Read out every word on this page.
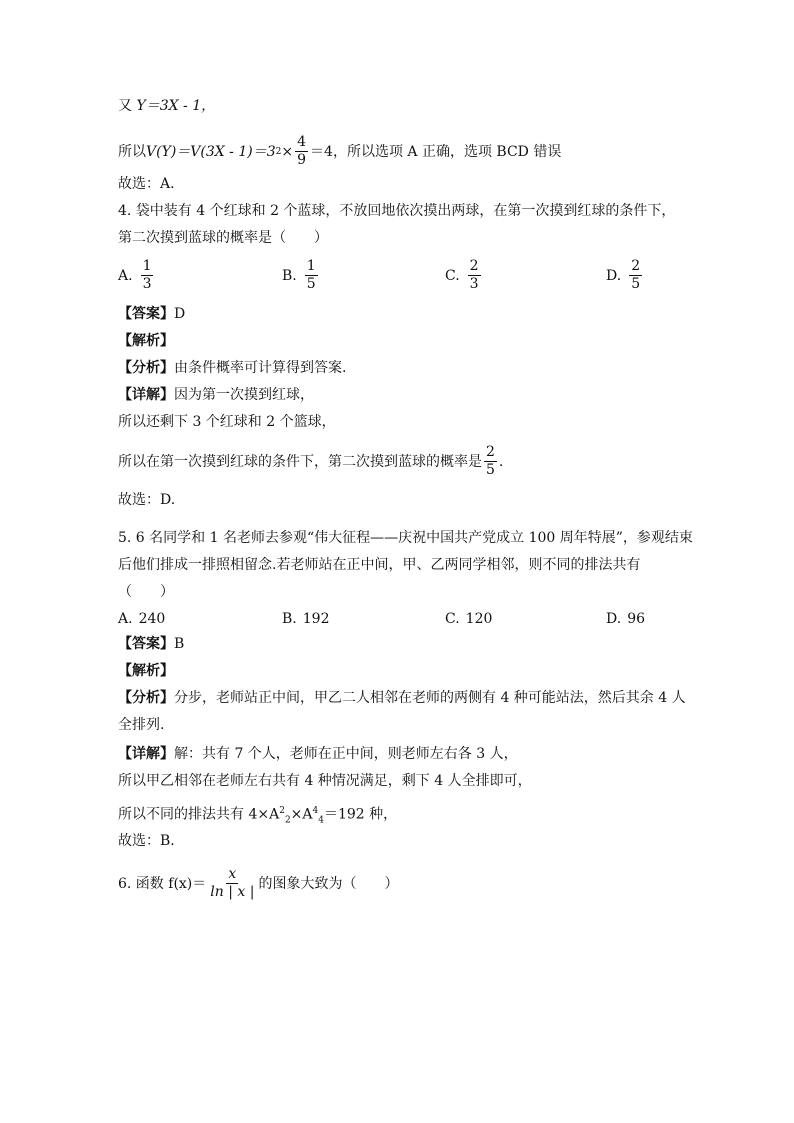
又 Y＝3X - 1，
所以 V(Y)＝V(3X - 1)＝3 $2 \times \frac{4}{9} =4$ ，所以选项 A 正确，选项 BCD 错误
故选：A.
4. 袋中装有 4 个红球和 2 个蓝球，不放回地依次摸出两球，在第一次摸到红球的条件下，
第二次摸到蓝球的概率是（　　）
A. $\frac{1}{3}$	B. $\frac{1}{5}$	C. $\frac{2}{3}$	D. $\frac{2}{5}$
【答案】D
【解析】
【分析】由条件概率可计算得到答案.
【详解】因为第一次摸到红球，
所以还剩下 3 个红球和 2 个篮球，
所以在第一次摸到红球的条件下，第二次摸到蓝球的概率是 $\frac{2}{5}$ .
故选：D.
5. 6 名同学和 1 名老师去参观“伟大征程——庆祝中国共产党成立 100 周年特展”，参观结束
后他们排成一排照相留念.若老师站在正中间，甲、乙两同学相邻，则不同的排法共有
（　　）
A. 240	B. 192	C. 120	D. 96
【答案】B
【解析】
【分析】分步，老师站正中间，甲乙二人相邻在老师的两侧有 4 种可能站法，然后其余 4 人
全排列.
【详解】解：共有 7 个人，老师在正中间，则老师左右各 3 人，
所以甲乙相邻在老师左右共有 4 种情况满足，剩下 4 人全排即可，
所以不同的排法共有 $4\times A^2_2\times A^4_4=192$ 种，
故选：B.
6. 函数 $f(x)= \frac{x}{\ln | x |}$ 的图象大致为（　　）
